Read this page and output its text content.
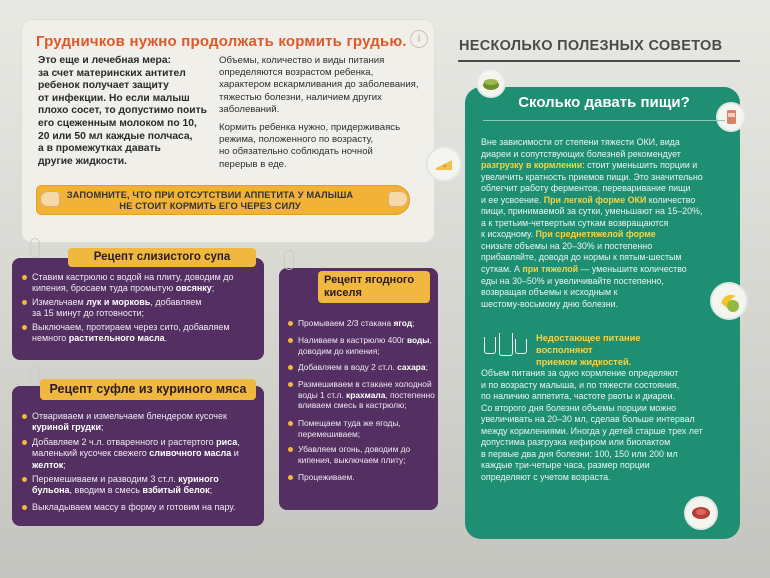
Грудничков нужно продолжать кормить грудью. i
Это еще и лечебная мера:
за счет материнских антител
ребенок получает защиту
от инфекции. Но если малыш
плохо сосет, то допустимо поить
его сцеженным молоком по 10,
20 или 50 мл каждые полчаса,
а в промежутках давать
другие жидкости.

Объемы, количество и виды питания
определяются возрастом ребенка,
характером вскармливания до заболевания,
тяжестью болезни, наличием других
заболеваний.

Кормить ребенка нужно, придерживаясь
режима, положенного по возрасту,
но обязательно соблюдать ночной
перерыв в еде.

ЗАПОМНИТЕ, ЧТО ПРИ ОТСУТСТВИИ АППЕТИТА У МАЛЫША
НЕ СТОИТ КОРМИТЬ ЕГО ЧЕРЕЗ СИЛУ
Рецепт слизистого супа
Ставим кастрюлю с водой на плиту, доводим до
кипения, бросаем туда промытую овсянку;
Измельчаем лук и морковь, добавляем
за 15 минут до готовности;
Выключаем, протираем через сито, добавляем
немного растительного масла.
Рецепт суфле из куриного мяса
Отвариваем и измельчаем блендером кусочек
куриной грудки;
Добавляем 2 ч.л. отваренного и растертого риса,
маленький кусочек свежего сливочного масла и
желток;
Перемешиваем и разводим 3 ст.л. куриного
бульона, вводим в смесь взбитый белок;
Выкладываем массу в форму и готовим на пару.
Рецепт ягодного киселя
Промываем 2/3 стакана ягод;
Наливаем в кастрюлю 400г воды,
доводим до кипения;
Добавляем в воду 2 ст.л. сахара;
Размешиваем в стакане холодной
воды 1 ст.л. крахмала, постепенно
вливаем смесь в кастрюлю;
Помещаем туда же ягоды,
перемешиваем;
Убавляем огонь, доводим до
кипения, выключаем плиту;
Процеживаем.
НЕСКОЛЬКО ПОЛЕЗНЫХ СОВЕТОВ
Сколько давать пищи?
Вне зависимости от степени тяжести ОКИ, вида
диареи и сопутствующих болезней рекомендует
разгрузку в кормлении: стоит уменьшить порции и
увеличить кратность приемов пищи. Это значительно
облегчит работу ферментов, переваривание пищи
и ее усвоение. При легкой форме ОКИ количество
пищи, принимаемой за сутки, уменьшают на 15–20%,
а к третьим-четвертым суткам возвращаются
к исходному. При среднетяжелой форме
снизьте объемы на 20–30% и постепенно
прибавляйте, доводя до нормы к пятым-шестым
суткам. А при тяжелой — уменьшите количество
еды на 30–50% и увеличивайте постепенно,
возвращая объемы к исходным к
шестому-восьмому дню болезни.
Недостающее питание восполняют
приемом жидкостей.
Объем питания за одно кормление определяют
и по возрасту малыша, и по тяжести состояния,
по наличию аппетита, частоте рвоты и диареи.
Со второго дня болезни объемы порции можно
увеличивать на 20–30 мл, сделав больше интервал
между кормлениями. Иногда у детей старше трех лет
допустима разгрузка кефиром или биолактом
в первые два дня болезни: 100, 150 или 200 мл
каждые три-четыре часа, размер порции
определяют с учетом возраста.
